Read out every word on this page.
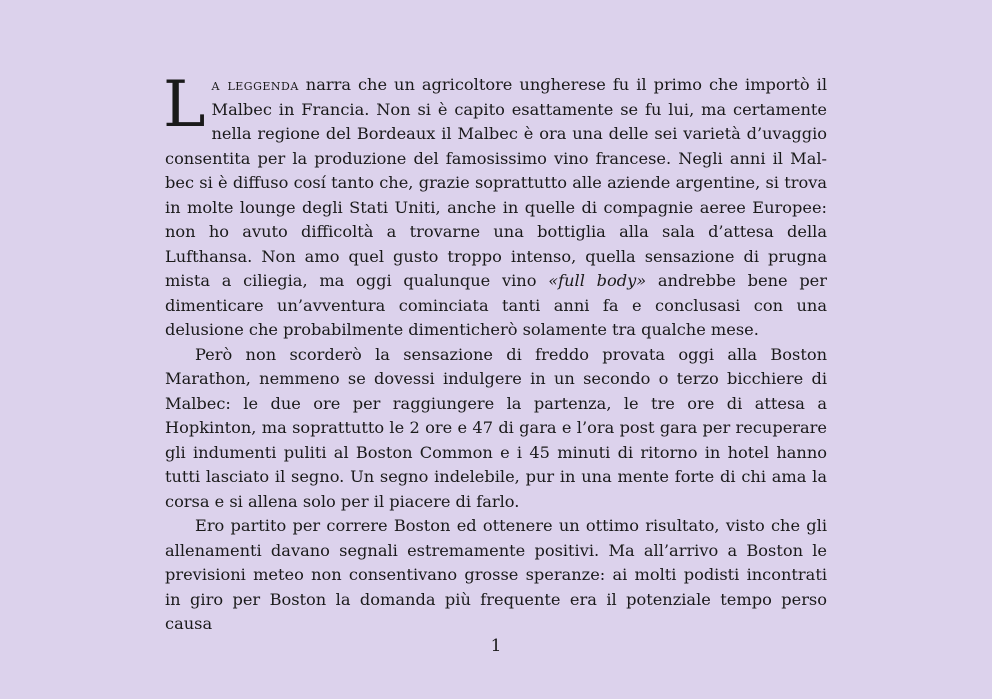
La leggenda narra che un agricoltore ungherese fu il primo che importò il Malbec in Francia. Non si è capito esattamente se fu lui, ma certamente nella regione del Bordeaux il Malbec è ora una delle sei varietà d’uvaggio consentita per la produzione del famosissimo vino francese. Negli anni il Malbec si è diffuso cosí tanto che, grazie soprattutto alle aziende argentine, si trova in molte lounge degli Stati Uniti, anche in quelle di compagnie aeree Europee: non ho avuto difficoltà a trovarne una bottiglia alla sala d’attesa della Lufthansa. Non amo quel gusto troppo intenso, quella sensazione di prugna mista a ciliegia, ma oggi qualunque vino «full body» andrebbe bene per dimenticare un’avventura cominciata tanti anni fa e conclusasi con una delusione che probabilmente dimenticherò solamente tra qualche mese.

Però non scorderò la sensazione di freddo provata oggi alla Boston Marathon, nemmeno se dovessi indulgere in un secondo o terzo bicchiere di Malbec: le due ore per raggiungere la partenza, le tre ore di attesa a Hopkinton, ma soprattutto le 2 ore e 47 di gara e l’ora post gara per recuperare gli indumenti puliti al Boston Common e i 45 minuti di ritorno in hotel hanno tutti lasciato il segno. Un segno indelebile, pur in una mente forte di chi ama la corsa e si allena solo per il piacere di farlo.

Ero partito per correre Boston ed ottenere un ottimo risultato, visto che gli allenamenti davano segnali estremamente positivi. Ma all’arrivo a Boston le previsioni meteo non consentivano grosse speranze: ai molti podisti incontrati in giro per Boston la domanda più frequente era il potenziale tempo perso causa

1
